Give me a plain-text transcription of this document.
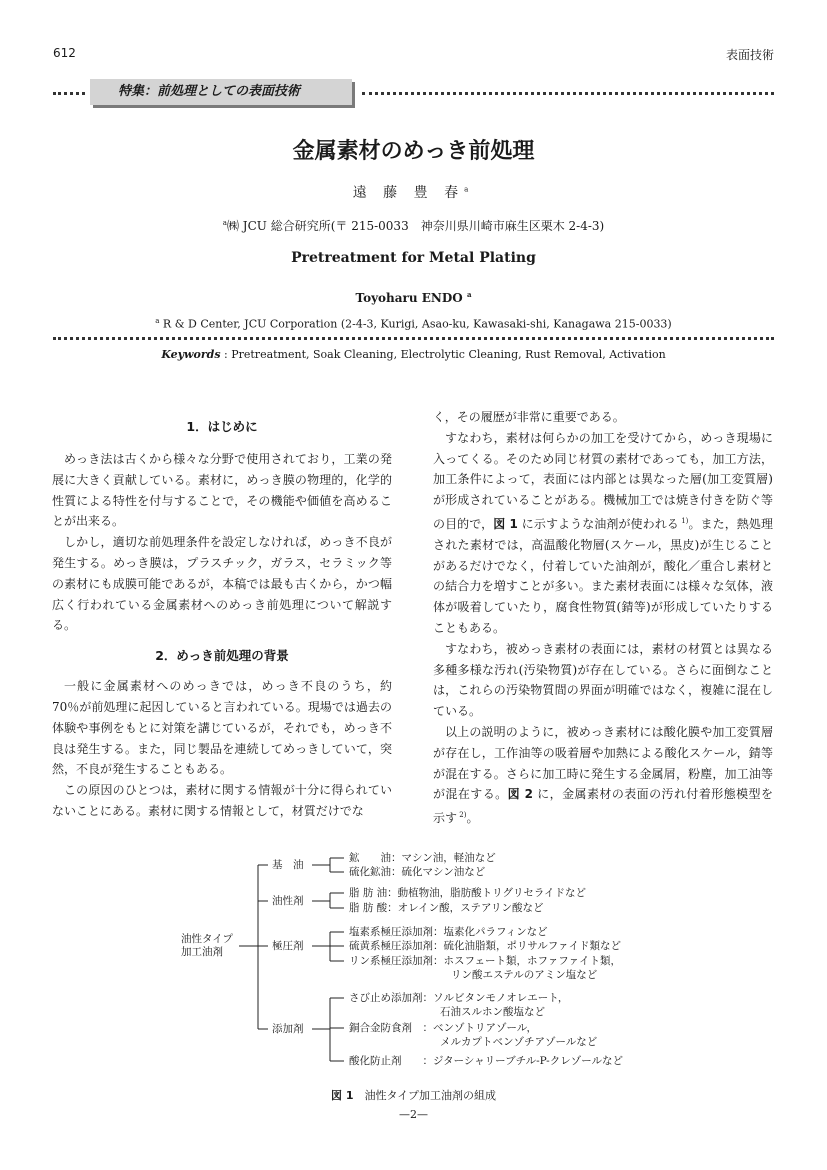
612	表面技術
特集：前処理としての表面技術
金属素材のめっき前処理
遠 藤 豊 春$^a$
$^a$㈱ JCU 総合研究所(〒 215-0033　神奈川県川崎市麻生区栗木 2-4-3)
Pretreatment for Metal Plating
Toyoharu ENDO $^a$
$^a$ R & D Center, JCU Corporation (2-4-3, Kurigi, Asao-ku, Kawasaki-shi, Kanagawa 215-0033)
Keywords : Pretreatment, Soak Cleaning, Electrolytic Cleaning, Rust Removal, Activation
1．はじめに

めっき法は古くから様々な分野で使用されており，工業の発展に大きく貢献している。素材に，めっき膜の物理的，化学的性質による特性を付与することで，その機能や価値を高めることが出来る。

しかし，適切な前処理条件を設定しなければ，めっき不良が発生する。めっき膜は，プラスチック，ガラス，セラミック等の素材にも成膜可能であるが，本稿では最も古くから，かつ幅広く行われている金属素材へのめっき前処理について解説する。

2．めっき前処理の背景

一般に金属素材へのめっきでは，めっき不良のうち，約 70％が前処理に起因していると言われている。現場では過去の体験や事例をもとに対策を講じているが，それでも，めっき不良は発生する。また，同じ製品を連続してめっきしていて，突然，不良が発生することもある。

この原因のひとつは，素材に関する情報が十分に得られていないことにある。素材に関する情報として，材質だけでな

く，その履歴が非常に重要である。

すなわち，素材は何らかの加工を受けてから，めっき現場に入ってくる。そのため同じ材質の素材であっても，加工方法，加工条件によって，表面には内部とは異なった層(加工変質層)が形成されていることがある。機械加工では焼き付きを防ぐ等の目的で，図 1 に示すような油剤が使われる $^{1)}$。また，熱処理された素材では，高温酸化物層(スケール，黒皮)が生じることがあるだけでなく，付着していた油剤が，酸化／重合し素材との結合力を増すことが多い。また素材表面には様々な気体，液体が吸着していたり，腐食性物質(錆等)が形成していたりすることもある。

すなわち，被めっき素材の表面には，素材の材質とは異なる多種多様な汚れ(汚染物質)が存在している。さらに面倒なことは，これらの汚染物質間の界面が明確ではなく，複雑に混在している。

以上の説明のように，被めっき素材には酸化膜や加工変質層が存在し，工作油等の吸着層や加熱による酸化スケール，錆等が混在する。さらに加工時に発生する金属屑，粉塵，加工油等が混在する。図 2 に，金属素材の表面の汚れ付着形態模型を示す $^{2)}$。

油性タイプ
加工油剤
基　油
油性剤
極圧剤
添加剤
鉱　　油：マシン油，軽油など
硫化鉱油：硫化マシン油など
脂 肪 油：動植物油，脂肪酸トリグリセライドなど
脂 肪 酸：オレイン酸，ステアリン酸など
塩素系極圧添加剤：塩素化パラフィンなど
硫黄系極圧添加剤：硫化油脂類，ポリサルファイド類など
リン系極圧添加剤：ホスフェート類，ホファファイト類，
リン酸エステルのアミン塩など
さび止め添加剤：ソルビタンモノオレエート，
石油スルホン酸塩など
銅合金防食剤　：ベンゾトリアゾール，
メルカプトベンゾチアゾールなど
酸化防止剤　　：ジターシャリーブチル-P-クレゾールなど
図 1　油性タイプ加工油剤の組成
—2—
